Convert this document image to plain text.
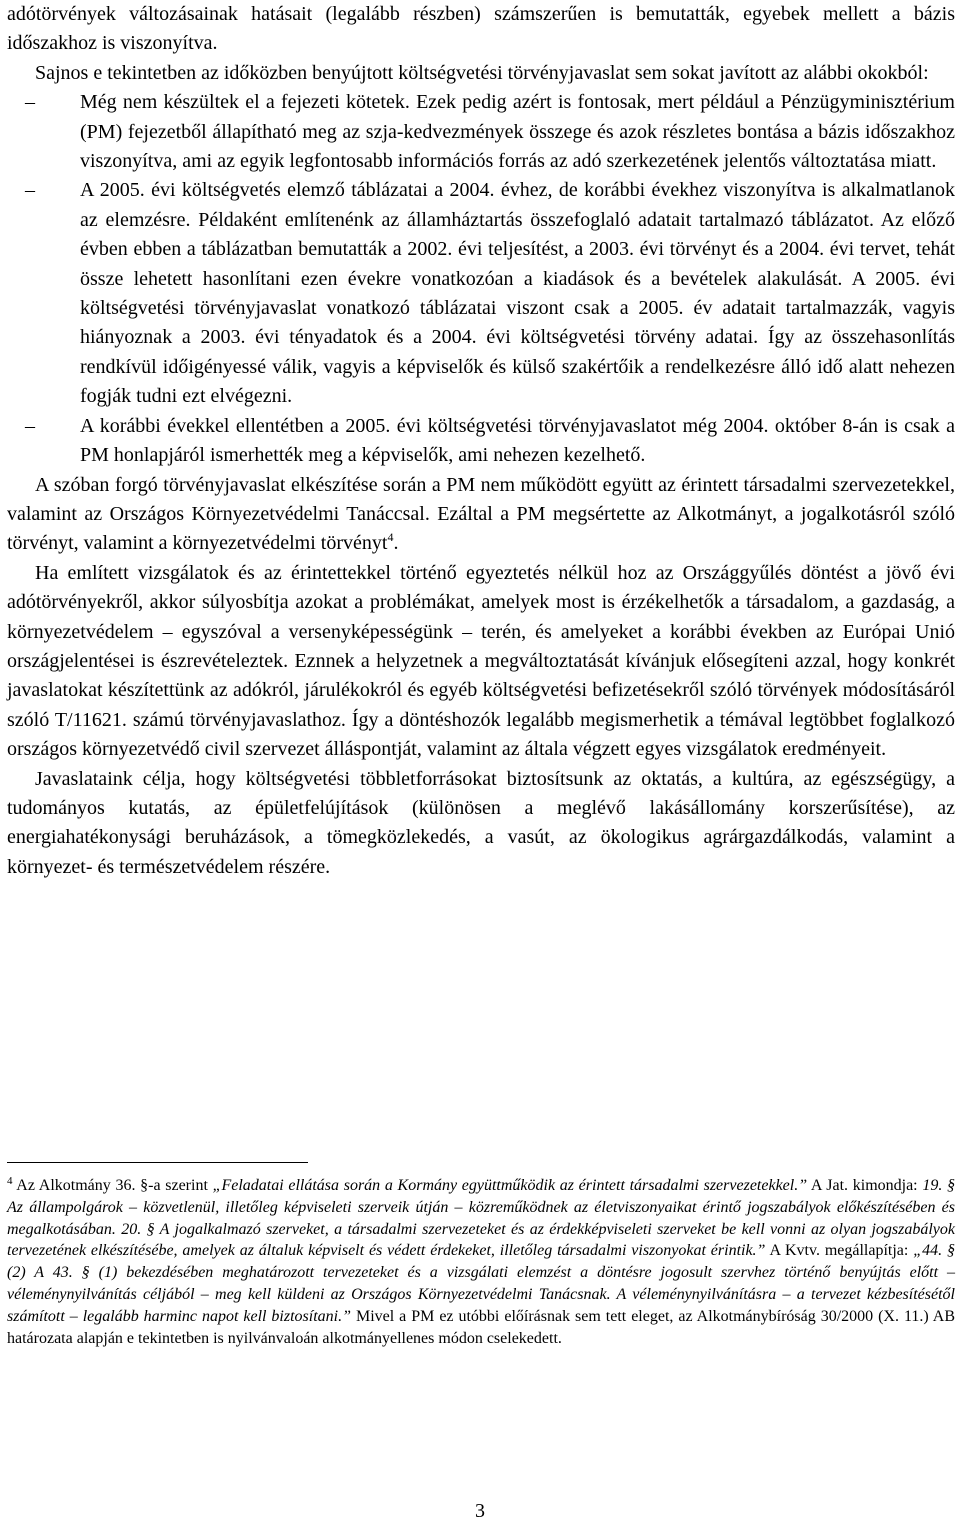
adótörvények változásainak hatásait (legalább részben) számszerűen is bemutatták, egyebek mellett a bázis időszakhoz is viszonyítva.

Sajnos e tekintetben az időközben benyújtott költségvetési törvényjavaslat sem sokat javított az alábbi okokból:

– Még nem készültek el a fejezeti kötetek. Ezek pedig azért is fontosak, mert például a Pénzügyminisztérium (PM) fejezetből állapítható meg az szja-kedvezmények összege és azok részletes bontása a bázis időszakhoz viszonyítva, ami az egyik legfontosabb információs forrás az adó szerkezetének jelentős változtatása miatt.
– A 2005. évi költségvetés elemző táblázatai a 2004. évhez, de korábbi évekhez viszonyítva is alkalmatlanok az elemzésre. Példaként említenénk az államháztartás összefoglaló adatait tartalmazó táblázatot. Az előző évben ebben a táblázatban bemutatták a 2002. évi teljesítést, a 2003. évi törvényt és a 2004. évi tervet, tehát össze lehetett hasonlítani ezen évekre vonatkozóan a kiadások és a bevételek alakulását. A 2005. évi költségvetési törvényjavaslat vonatkozó táblázatai viszont csak a 2005. év adatait tartalmazzák, vagyis hiányoznak a 2003. évi tényadatok és a 2004. évi költségvetési törvény adatai. Így az összehasonlítás rendkívül időigényessé válik, vagyis a képviselők és külső szakértőik a rendelkezésre álló idő alatt nehezen fogják tudni ezt elvégezni.
– A korábbi évekkel ellentétben a 2005. évi költségvetési törvényjavaslatot még 2004. október 8-án is csak a PM honlapjáról ismerhették meg a képviselők, ami nehezen kezelhető.

A szóban forgó törvényjavaslat elkészítése során a PM nem működött együtt az érintett társadalmi szervezetekkel, valamint az Országos Környezetvédelmi Tanáccsal. Ezáltal a PM megsértette az Alkotmányt, a jogalkotásról szóló törvényt, valamint a környezetvédelmi törvényt$^4$.

Ha említett vizsgálatok és az érintettekkel történő egyeztetés nélkül hoz az Országgyűlés döntést a jövő évi adótörvényekről, akkor súlyosbítja azokat a problémákat, amelyek most is érzékelhetők a társadalom, a gazdaság, a környezetvédelem – egyszóval a versenyképességünk – terén, és amelyeket a korábbi években az Európai Unió országjelentései is észrevételeztek. Eznnek a helyzetnek a megváltoztatását kívánjuk elősegíteni azzal, hogy konkrét javaslatokat készítettünk az adókról, járulékokról és egyéb költségvetési befizetésekről szóló törvények módosításáról szóló T/11621. számú törvényjavaslathoz. Így a döntéshozók legalább megismerhetik a témával legtöbbet foglalkozó országos környezetvédő civil szervezet álláspontját, valamint az általa végzett egyes vizsgálatok eredményeit.

Javaslataink célja, hogy költségvetési többletforrásokat biztosítsunk az oktatás, a kultúra, az egészségügy, a tudományos kutatás, az épületfelújítások (különösen a meglévő lakásállomány korszerűsítése), az energiahatékonysági beruházások, a tömegközlekedés, a vasút, az ökologikus agrárgazdálkodás, valamint a környezet- és természetvédelem részére.

$^4$ Az Alkotmány 36. §-a szerint „Feladatai ellátása során a Kormány együttműködik az érintett társadalmi szervezetekkel.” A Jat. kimondja: 19. § Az állampolgárok – közvetlenül, illetőleg képviseleti szerveik útján – közreműködnek az életviszonyaikat érintő jogszabályok előkészítésében és megalkotásában. 20. § A jogalkalmazó szerveket, a társadalmi szervezeteket és az érdekképviseleti szerveket be kell vonni az olyan jogszabályok tervezetének elkészítésébe, amelyek az általuk képviselt és védett érdekeket, illetőleg társadalmi viszonyokat érintik.” A Kvtv. megállapítja: „44. § (2) A 43. § (1) bekezdésében meghatározott tervezeteket és a vizsgálati elemzést a döntésre jogosult szervhez történő benyújtás előtt – véleménynyilvánítás céljából – meg kell küldeni az Országos Környezetvédelmi Tanácsnak. A véleménynyilvánításra – a tervezet kézbesítésétől számított – legalább harminc napot kell biztosítani.” Mivel a PM ez utóbbi előírásnak sem tett eleget, az Alkotmánybíróság 30/2000 (X. 11.) AB határozata alapján e tekintetben is nyilvánvaloán alkotmányellenes módon cselekedett.
3
